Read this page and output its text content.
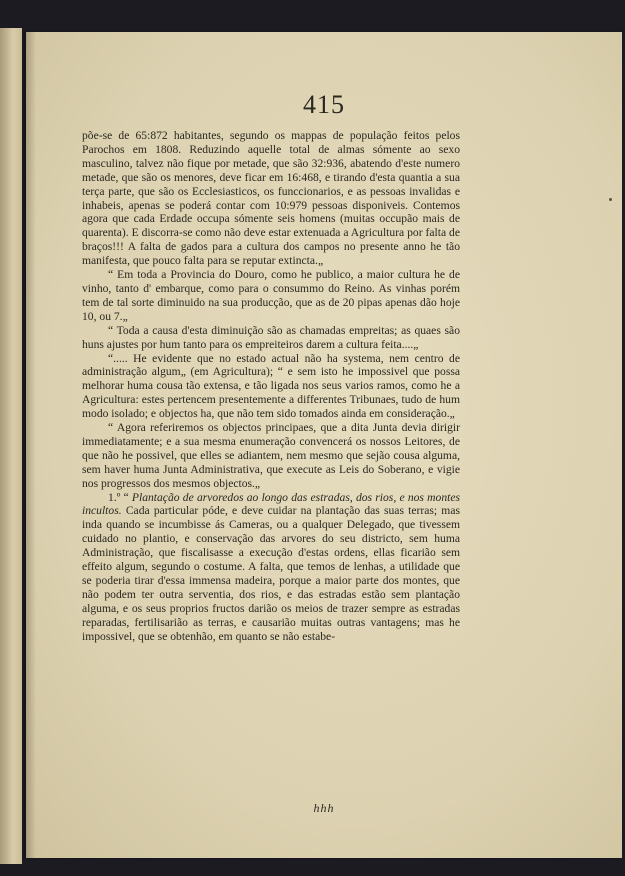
415

põe-se de 65:872 habitantes, segundo os mappas de população feitos pelos Parochos em 1808. Reduzindo aquelle total de almas sómente ao sexo masculino, talvez não fique por metade, que são 32:936, abatendo d'este numero metade, que são os menores, deve ficar em 16:468, e tirando d'esta quantia a sua terça parte, que são os Ecclesiasticos, os funccionarios, e as pessoas invalidas e inhabeis, apenas se poderá contar com 10:979 pessoas disponiveis. Contemos agora que cada Erdade occupa sómente seis homens (muitas occupão mais de quarenta). E discorra-se como não deve estar extenuada a Agricultura por falta de braços!!! A falta de gados para a cultura dos campos no presente anno he tão manifesta, que pouco falta para se reputar extincta.„

“ Em toda a Provincia do Douro, como he publico, a maior cultura he de vinho, tanto d' embarque, como para o consummo do Reino. As vinhas porém tem de tal sorte diminuido na sua producção, que as de 20 pipas apenas dão hoje 10, ou 7.„

“ Toda a causa d'esta diminuição são as chamadas empreitas; as quaes são huns ajustes por hum tanto para os empreiteiros darem a cultura feita....„

“..... He evidente que no estado actual não ha systema, nem centro de administração algum„ (em Agricultura); “ e sem isto he impossivel que possa melhorar huma cousa tão extensa, e tão ligada nos seus varios ramos, como he a Agricultura: estes pertencem presentemente a differentes Tribunaes, tudo de hum modo isolado; e objectos ha, que não tem sido tomados ainda em consideração.„

“ Agora referiremos os objectos principaes, que a dita Junta devia dirigir immediatamente; e a sua mesma enumeração convencerá os nossos Leitores, de que não he possivel, que elles se adiantem, nem mesmo que sejão cousa alguma, sem haver huma Junta Administrativa, que execute as Leis do Soberano, e vigie nos progressos dos mesmos objectos.„

1.º “ Plantação de arvoredos ao longo das estradas, dos rios, e nos montes incultos. Cada particular póde, e deve cuidar na plantação das suas terras; mas inda quando se incumbisse ás Cameras, ou a qualquer Delegado, que tivessem cuidado no plantio, e conservação das arvores do seu districto, sem huma Administração, que fiscalisasse a execução d'estas ordens, ellas ficarião sem effeito algum, segundo o costume. A falta, que temos de lenhas, a utilidade que se poderia tirar d'essa immensa madeira, porque a maior parte dos montes, que não podem ter outra serventia, dos rios, e das estradas estão sem plantação alguma, e os seus proprios fructos darião os meios de trazer sempre as estradas reparadas, fertilisarião as terras, e causarião muitas outras vantagens; mas he impossivel, que se obtenhão, em quanto se não estabe-

hhh
